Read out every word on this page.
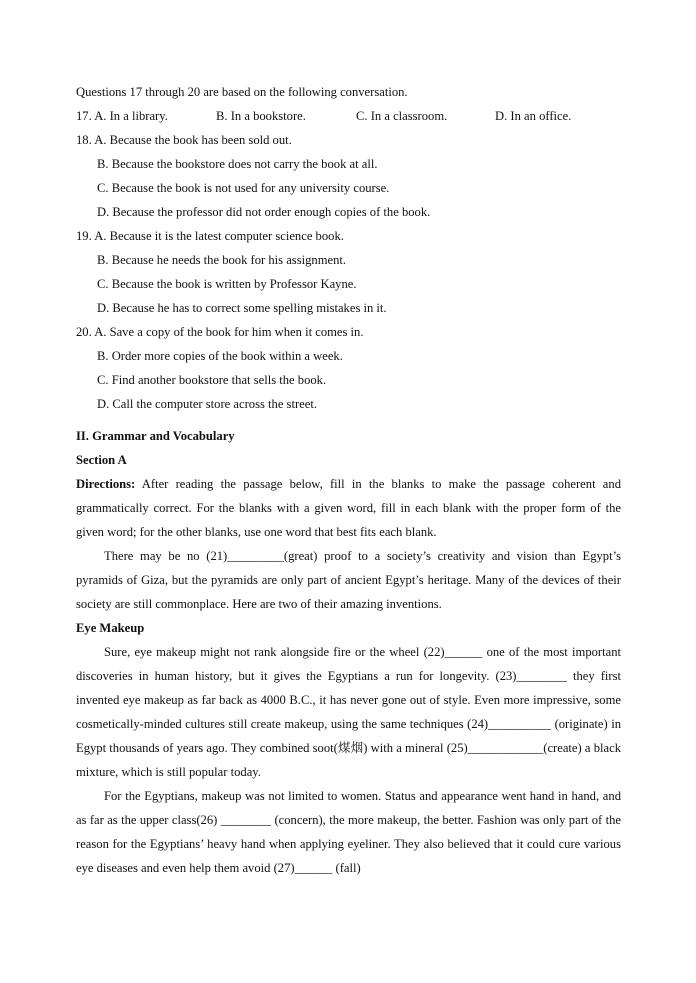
Questions 17 through 20 are based on the following conversation.
17. A. In a library.	B. In a bookstore.	C. In a classroom.	D. In an office.
18. A. Because the book has been sold out.
B. Because the bookstore does not carry the book at all.
C. Because the book is not used for any university course.
D. Because the professor did not order enough copies of the book.
19. A. Because it is the latest computer science book.
B. Because he needs the book for his assignment.
C. Because the book is written by Professor Kayne.
D. Because he has to correct some spelling mistakes in it.
20. A. Save a copy of the book for him when it comes in.
B. Order more copies of the book within a week.
C. Find another bookstore that sells the book.
D. Call the computer store across the street.
II. Grammar and Vocabulary
Section A
Directions: After reading the passage below, fill in the blanks to make the passage coherent and grammatically correct. For the blanks with a given word, fill in each blank with the proper form of the given word; for the other blanks, use one word that best fits each blank.
There may be no (21)_________(great) proof to a society’s creativity and vision than Egypt’s pyramids of Giza, but the pyramids are only part of ancient Egypt’s heritage. Many of the devices of their society are still commonplace. Here are two of their amazing inventions.
Eye Makeup
Sure, eye makeup might not rank alongside fire or the wheel (22)______ one of the most important discoveries in human history, but it gives the Egyptians a run for longevity. (23)________ they first invented eye makeup as far back as 4000 B.C., it has never gone out of style. Even more impressive, some cosmetically-minded cultures still create makeup, using the same techniques (24)__________ (originate) in Egypt thousands of years ago. They combined soot(煤烟) with a mineral (25)____________(create) a black mixture, which is still popular today.
For the Egyptians, makeup was not limited to women. Status and appearance went hand in hand, and as far as the upper class(26) ________ (concern), the more makeup, the better. Fashion was only part of the reason for the Egyptians’ heavy hand when applying eyeliner. They also believed that it could cure various eye diseases and even help them avoid (27)______ (fall)
